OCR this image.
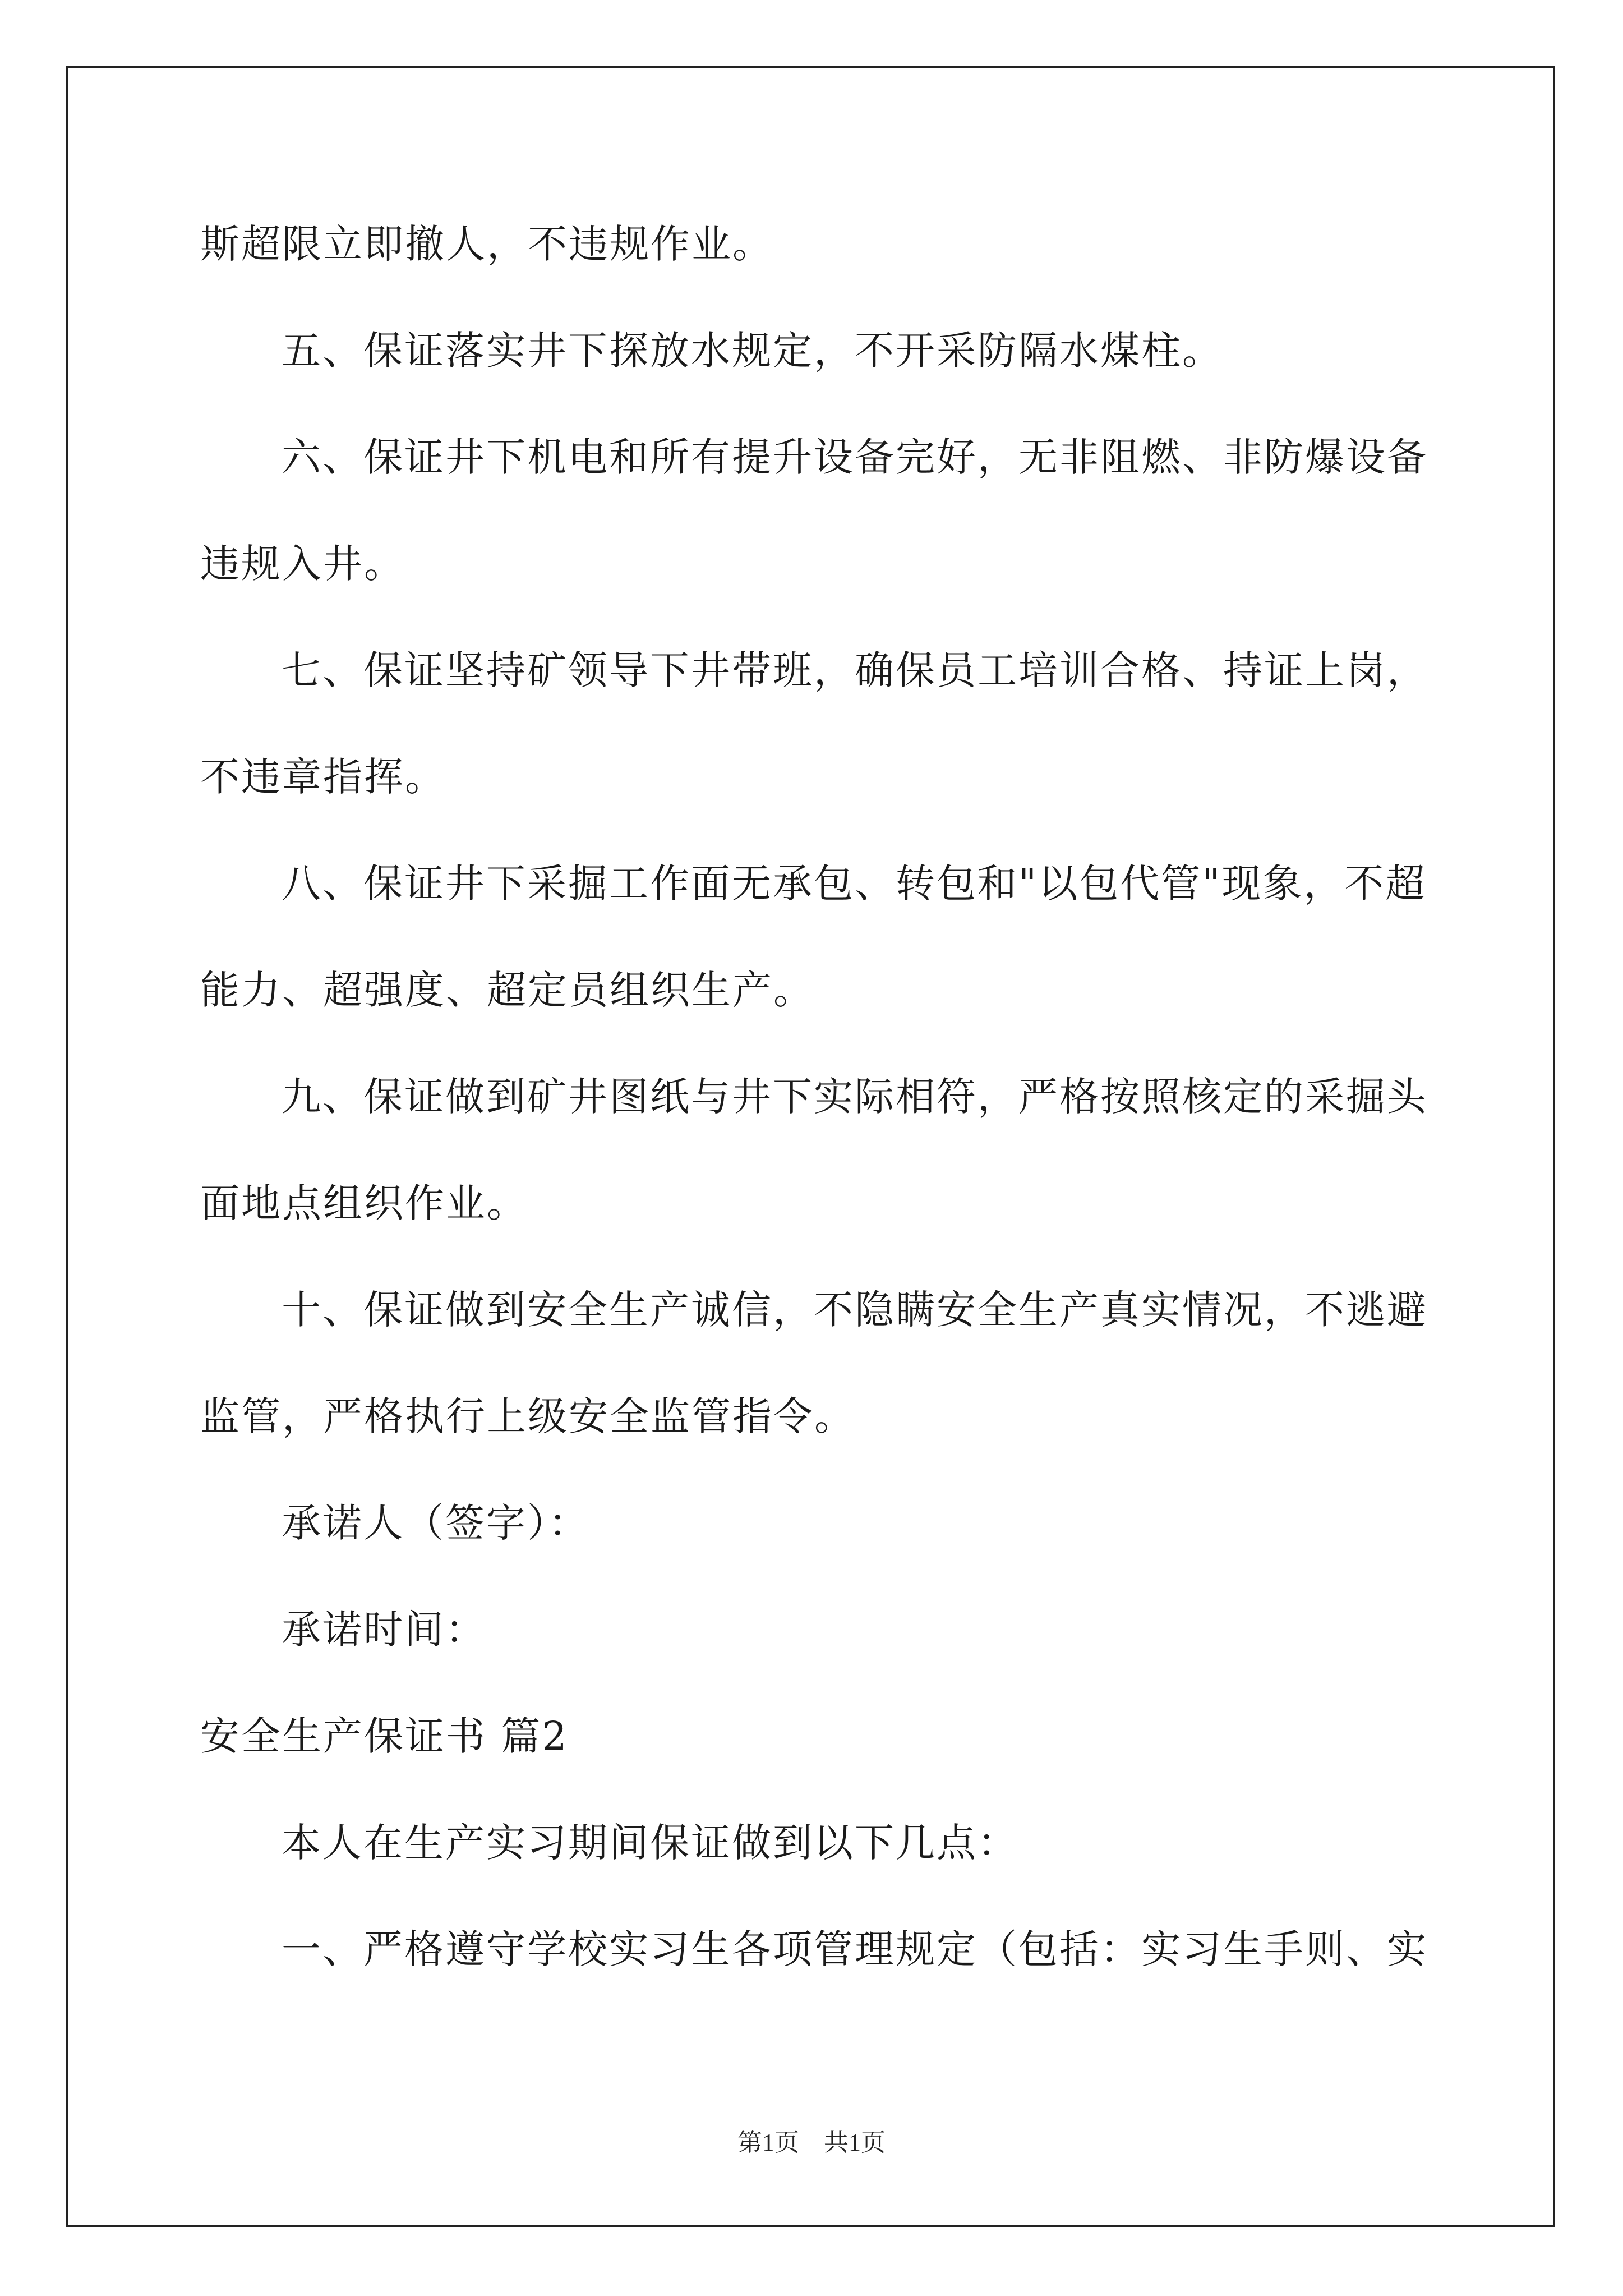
斯超限立即撤人，不违规作业。
五、保证落实井下探放水规定，不开采防隔水煤柱。
六、保证井下机电和所有提升设备完好，无非阻燃、非防爆设备
违规入井。
七、保证坚持矿领导下井带班，确保员工培训合格、持证上岗，
不违章指挥。
八、保证井下采掘工作面无承包、转包和"以包代管"现象，不超
能力、超强度、超定员组织生产。
九、保证做到矿井图纸与井下实际相符，严格按照核定的采掘头
面地点组织作业。
十、保证做到安全生产诚信，不隐瞒安全生产真实情况，不逃避
监管，严格执行上级安全监管指令。
承诺人（签字）：
承诺时间：
安全生产保证书 篇2
本人在生产实习期间保证做到以下几点：
一、严格遵守学校实习生各项管理规定（包括：实习生手则、实
第1页　共1页
